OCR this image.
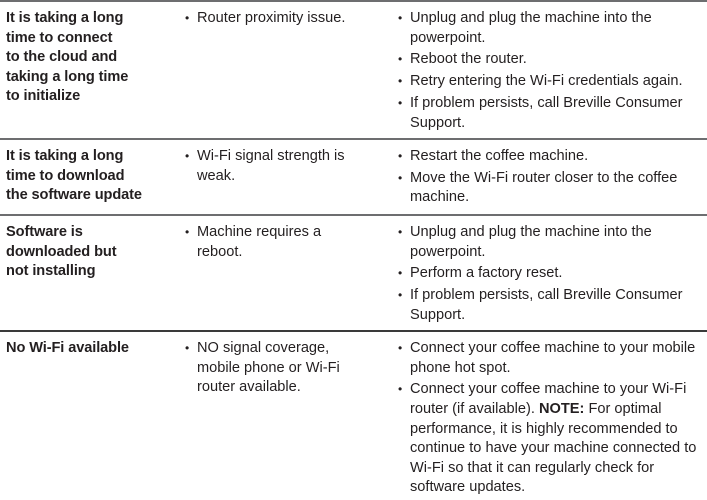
It is taking a long
time to connect
to the cloud and
taking a long time
to initialize
• Router proximity issue.	• Unplug and plug the machine into the powerpoint.
• Reboot the router.
• Retry entering the Wi-Fi credentials again.
• If problem persists, call Breville Consumer Support.
It is taking a long
time to download
the software update
• Wi-Fi signal strength is weak.
• Restart the coffee machine.
• Move the Wi-Fi router closer to the coffee machine.
Software is
downloaded but
not installing
• Machine requires a reboot.
• Unplug and plug the machine into the powerpoint.
• Perform a factory reset.
• If problem persists, call Breville Consumer Support.
No Wi-Fi available	• NO signal coverage, mobile phone or Wi-Fi router available.
• Connect your coffee machine to your mobile phone hot spot.
• Connect your coffee machine to your Wi-Fi router (if available). NOTE: For optimal performance, it is highly recommended to continue to have your machine connected to Wi-Fi so that it can regularly check for software updates.
